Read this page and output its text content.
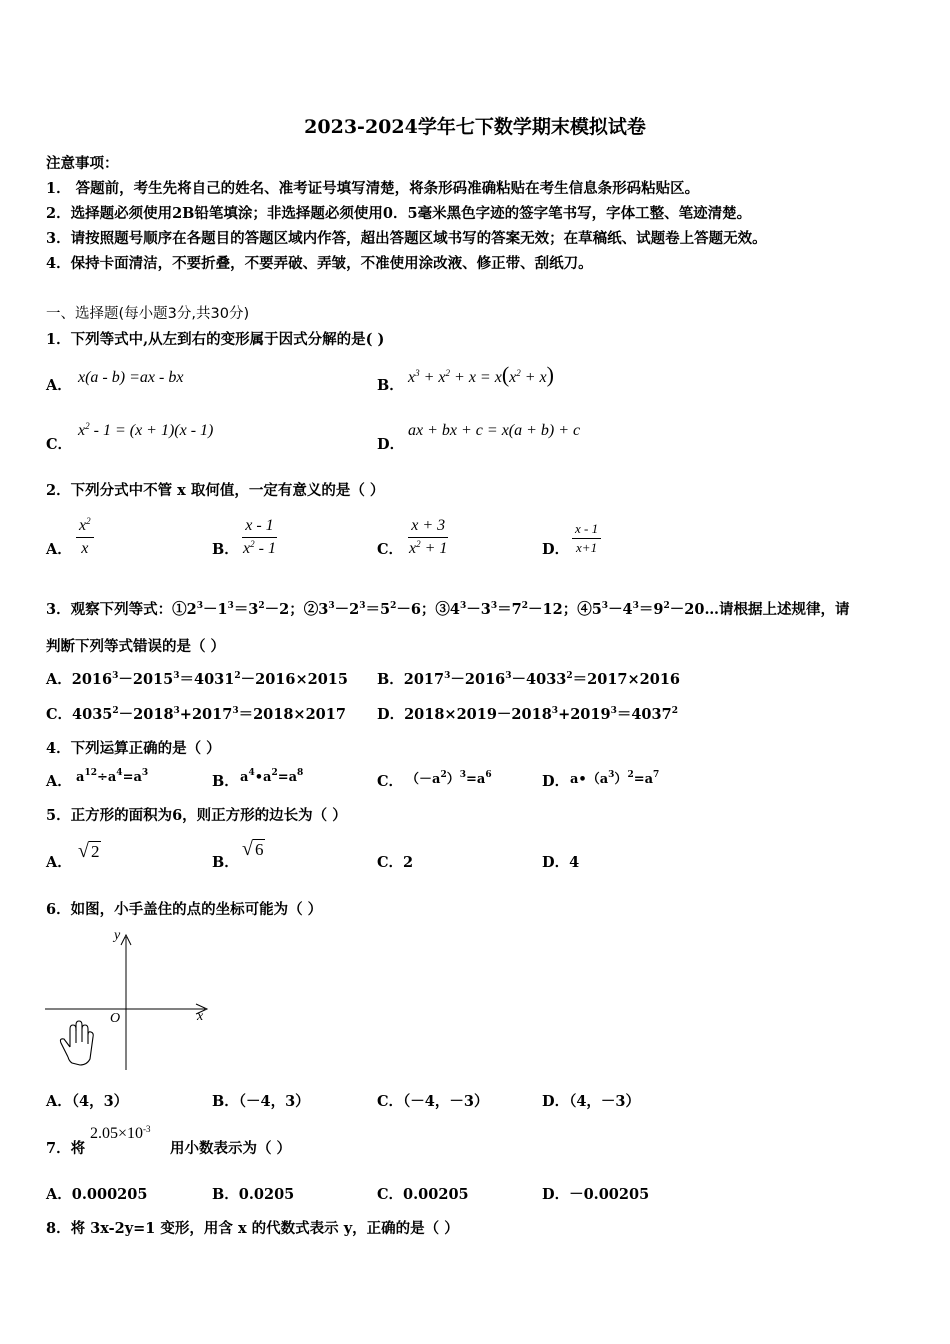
2023-2024学年七下数学期末模拟试卷
注意事项：
1． 答题前，考生先将自己的姓名、准考证号填写清楚，将条形码准确粘贴在考生信息条形码粘贴区。
2．选择题必须使用2B铅笔填涂；非选择题必须使用0．5毫米黑色字迹的签字笔书写，字体工整、笔迹清楚。
3．请按照题号顺序在各题目的答题区域内作答，超出答题区域书写的答案无效；在草稿纸、试题卷上答题无效。
4．保持卡面清洁，不要折叠，不要弄破、弄皱，不准使用涂改液、修正带、刮纸刀。
一、选择题(每小题3分,共30分)
1．下列等式中,从左到右的变形属于因式分解的是( )
A． x(a - b) =ax - bx	B． $x^3 + x^2 + x = x(x^2 + x)$
C．
$x^2 - 1 = (x + 1)(x - 1)$
D．
ax + bx + c = x(a + b) + c
2．下列分式中不管 x 取何值，一定有意义的是（ ）
A． $\frac{x^2}{x}$	B． $\frac{x - 1}{x^2 - 1}$	C． $\frac{x + 3}{x^2 + 1}$	D． $\frac{x - 1}{x+1}$
3．观察下列等式：$①2^3-1^3=3^2-2$；$②3^3-2^3=5^2-6$；$③4^3-3^3=7^2-12$；$④5^3-4^3=9^2-20\dots$请根据上述规律，请
判断下列等式错误的是（ ）
A．$2016^3-2015^3=4031^2-2016\times 2015$ B．$2017^3-2016^3-4033^2=2017\times 2016$
C．$4035^2-2018^3+2017^3=2018\times 2017$ D．$2018\times 2019-2018^3+2019^3=4037^2$
4．下列运算正确的是（ ）
A． $a^{12}\div a^4=a^3$	B． $a^4•a^2=a^8$	C． $(-a^2)^3=a^6$	D． $a•(a^3)^2=a^7$
5．正方形的面积为6，则正方形的边长为（ ）
A．
√ 2
B．
√ 6
C．2	D．4
6．如图，小手盖住的点的坐标可能为（ ）
y
x
O
A．（4，3）	B．（－4，3）	C．（－4，－3）	D．（4，－3）
7．将
$2.05\times 10^{-3}$
用小数表示为（ ）
A．0.000205	B．0.0205	C．0.00205	D．－0.00205
8．将 3x-2y=1 变形，用含 x 的代数式表示 y，正确的是（ ）
